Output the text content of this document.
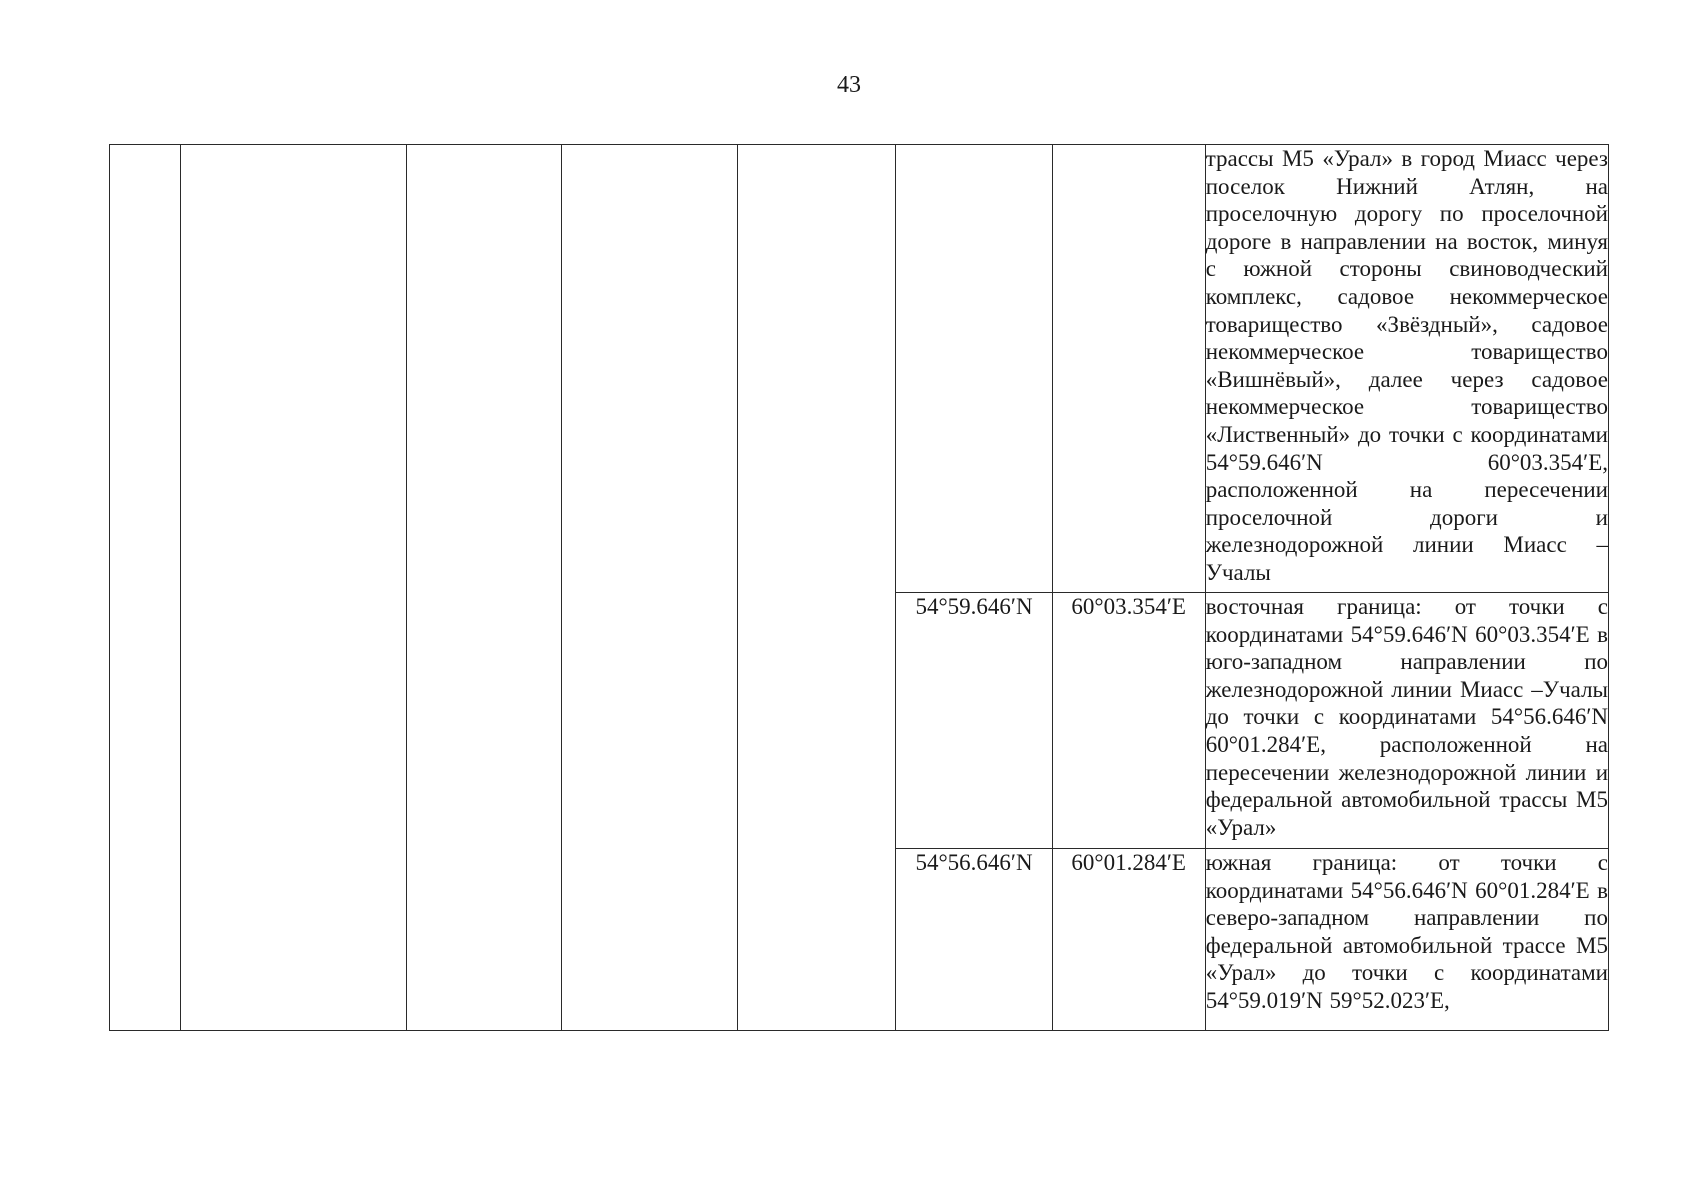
43

							трассы М5 «Урал» в город Миасс через поселок Нижний Атлян, на проселочную дорогу по проселочной дороге в направлении на восток, минуя с южной стороны свиноводческий комплекс, садовое некоммерческое товарищество «Звёздный», садовое некоммерческое товарищество «Вишнёвый», далее через садовое некоммерческое товарищество «Лиственный» до точки с координатами 54°59.646′N 60°03.354′E, расположенной на пересечении проселочной дороги и железнодорожной линии Миасс – Учалы

					54°59.646′N	60°03.354′E	восточная граница: от точки с координатами 54°59.646′N 60°03.354′E в юго-западном направлении по железнодорожной линии Миасс –Учалы до точки с координатами 54°56.646′N 60°01.284′E, расположенной на пересечении железнодорожной линии и федеральной автомобильной трассы М5 «Урал»

					54°56.646′N	60°01.284′E	южная граница: от точки с координатами 54°56.646′N 60°01.284′E в северо-западном направлении по федеральной автомобильной трассе М5 «Урал» до точки с координатами 54°59.019′N 59°52.023′E,
